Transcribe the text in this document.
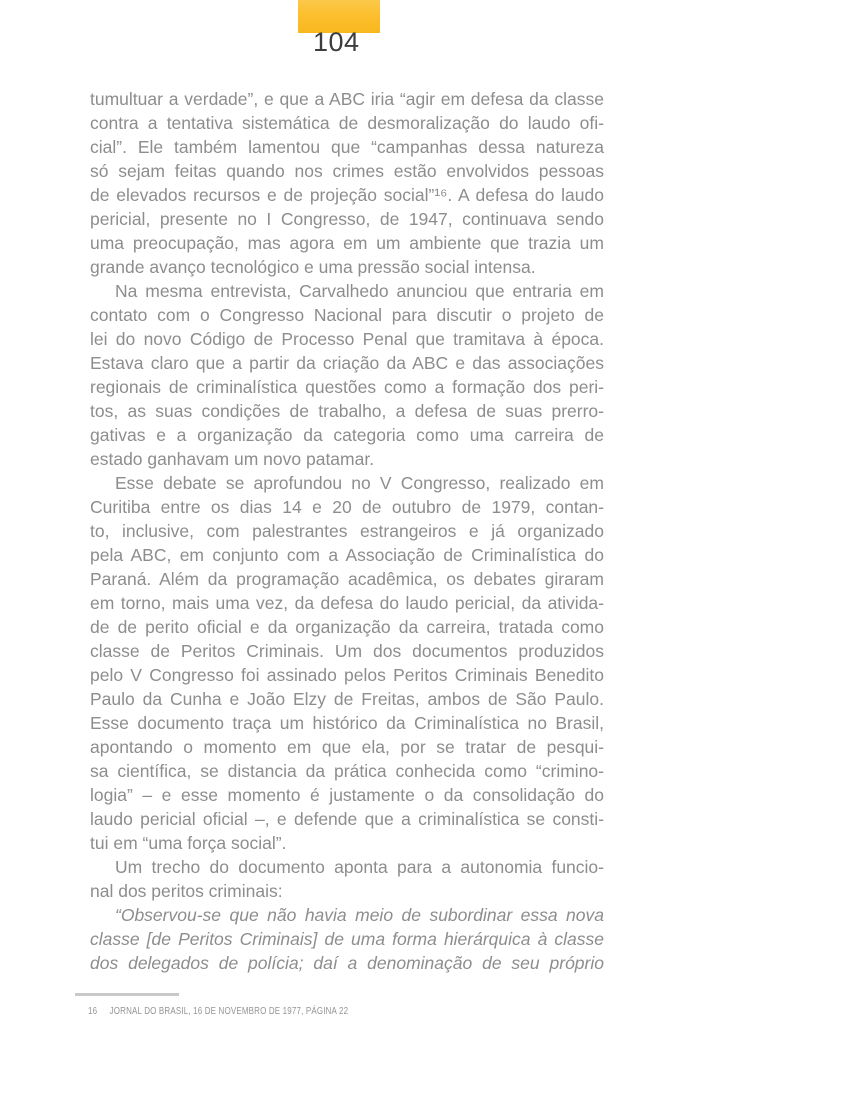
104
tumultuar a verdade”, e que a ABC iria “agir em defesa da classe
contra a tentativa sistemática de desmoralização do laudo ofi-
cial”. Ele também lamentou que “campanhas dessa natureza
só sejam feitas quando nos crimes estão envolvidos pessoas
de elevados recursos e de projeção social”¹⁶. A defesa do laudo
pericial, presente no I Congresso, de 1947, continuava sendo
uma preocupação, mas agora em um ambiente que trazia um
grande avanço tecnológico e uma pressão social intensa.
Na mesma entrevista, Carvalhedo anunciou que entraria em
contato com o Congresso Nacional para discutir o projeto de
lei do novo Código de Processo Penal que tramitava à época.
Estava claro que a partir da criação da ABC e das associações
regionais de criminalística questões como a formação dos peri-
tos, as suas condições de trabalho, a defesa de suas prerro-
gativas e a organização da categoria como uma carreira de
estado ganhavam um novo patamar.
Esse debate se aprofundou no V Congresso, realizado em
Curitiba entre os dias 14 e 20 de outubro de 1979, contan-
to, inclusive, com palestrantes estrangeiros e já organizado
pela ABC, em conjunto com a Associação de Criminalística do
Paraná. Além da programação acadêmica, os debates giraram
em torno, mais uma vez, da defesa do laudo pericial, da ativida-
de de perito oficial e da organização da carreira, tratada como
classe de Peritos Criminais. Um dos documentos produzidos
pelo V Congresso foi assinado pelos Peritos Criminais Benedito
Paulo da Cunha e João Elzy de Freitas, ambos de São Paulo.
Esse documento traça um histórico da Criminalística no Brasil,
apontando o momento em que ela, por se tratar de pesqui-
sa científica, se distancia da prática conhecida como “crimino-
logia” – e esse momento é justamente o da consolidação do
laudo pericial oficial –, e defende que a criminalística se consti-
tui em “uma força social”.
Um trecho do documento aponta para a autonomia funcio-
nal dos peritos criminais:
“Observou-se que não havia meio de subordinar essa nova
classe [de Peritos Criminais] de uma forma hierárquica à classe
dos delegados de polícia; daí a denominação de seu próprio
16 JORNAL DO BRASIL, 16 DE NOVEMBRO DE 1977, PÁGINA 22
